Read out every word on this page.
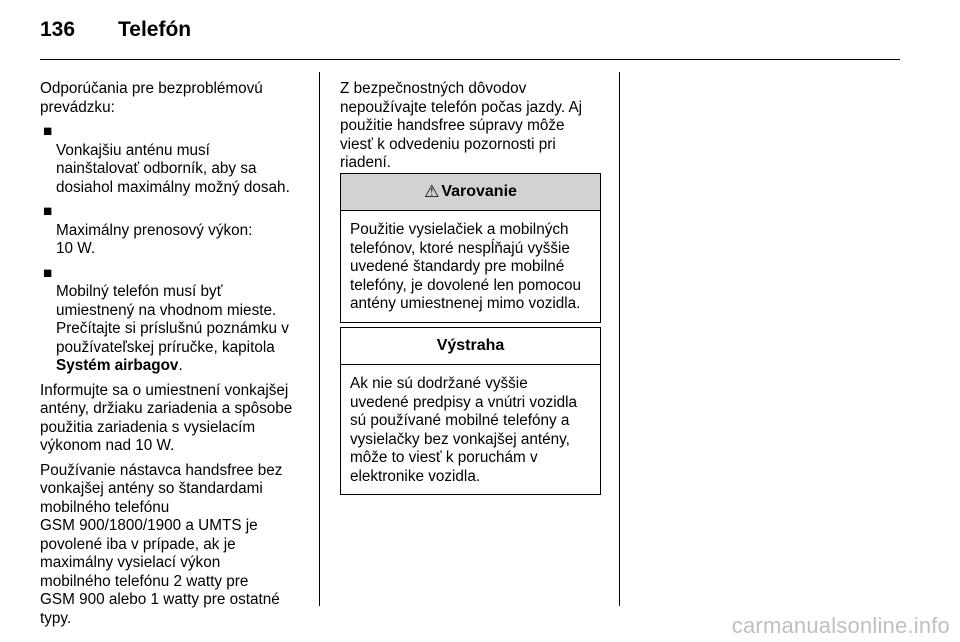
136 Telefón

Odporúčania pre bezproblémovú
prevádzku:

■
Vonkajšiu anténu musí
nainštalovať odborník, aby sa
dosiahol maximálny možný dosah.

■
Maximálny prenosový výkon:
10 W.

■
Mobilný telefón musí byť
umiestnený na vhodnom mieste.
Prečítajte si príslušnú poznámku v
používateľskej príručke, kapitola
Systém airbagov.

Informujte sa o umiestnení vonkajšej
antény, držiaku zariadenia a spôsobe
použitia zariadenia s vysielacím
výkonom nad 10 W.

Používanie nástavca handsfree bez
vonkajšej antény so štandardami
mobilného telefónu
GSM 900/1800/1900 a UMTS je
povolené iba v prípade, ak je
maximálny vysielací výkon
mobilného telefónu 2 watty pre
GSM 900 alebo 1 watty pre ostatné
typy.

Z bezpečnostných dôvodov
nepoužívajte telefón počas jazdy. Aj
použitie handsfree súpravy môže
viesť k odvedeniu pozornosti pri
riadení.

⚠ Varovanie
Použitie vysielačiek a mobilných
telefónov, ktoré nespĺňajú vyššie
uvedené štandardy pre mobilné
telefóny, je dovolené len pomocou
antény umiestnenej mimo vozidla.
Výstraha
Ak nie sú dodržané vyššie
uvedené predpisy a vnútri vozidla
sú používané mobilné telefóny a
vysielačky bez vonkajšej antény,
môže to viesť k poruchám v
elektronike vozidla.
carmanualsonline.info
